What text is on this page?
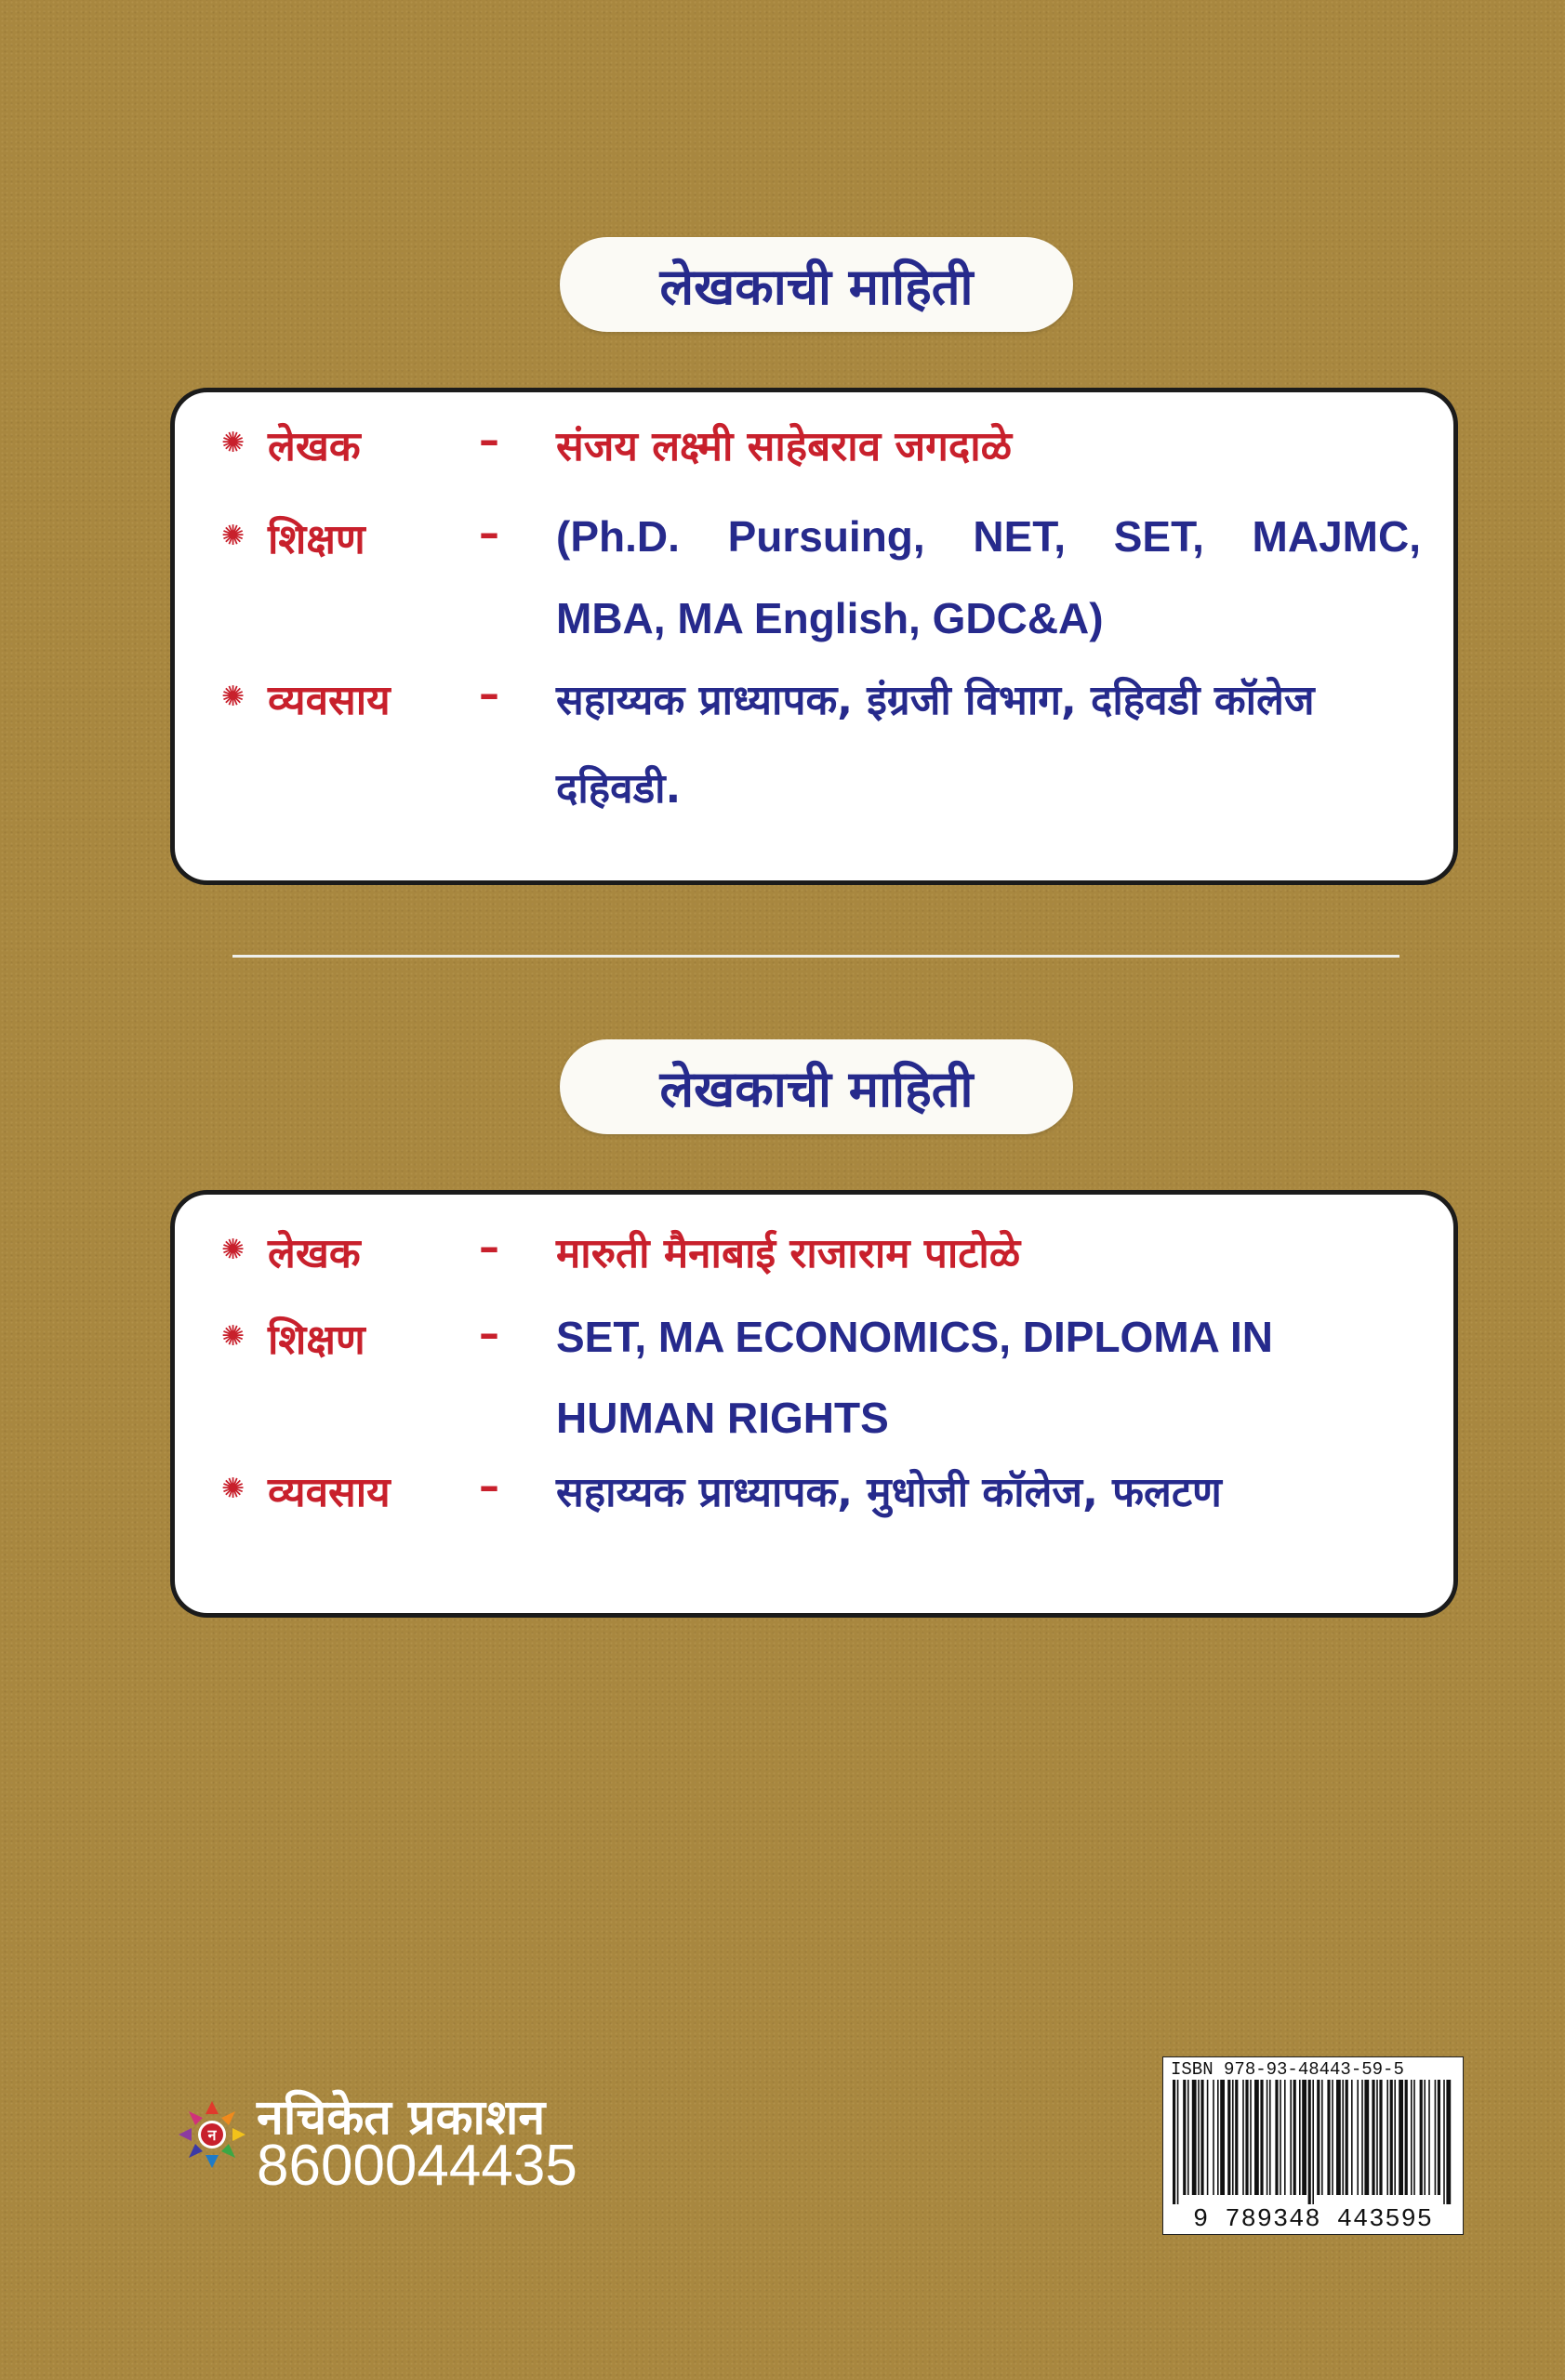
लेखकाची माहिती
✺ लेखक	– संजय लक्ष्मी साहेबराव जगदाळे
✺ शिक्षण	– (Ph.D. Pursuing, NET, SET, MAJMC,
MBA, MA English, GDC&A)
✺ व्यवसाय – सहाय्यक प्राध्यापक, इंग्रजी विभाग, दहिवडी कॉलेज
दहिवडी.
लेखकाची माहिती
✺ लेखक	– मारुती मैनाबाई राजाराम पाटोळे
✺ शिक्षण	– SET, MA ECONOMICS, DIPLOMA IN
HUMAN RIGHTS
✺ व्यवसाय – सहाय्यक प्राध्यापक, मुधोजी कॉलेज, फलटण
न नचिकेत प्रकाशन
8600044435
ISBN 978-93-48443-59-5
9 789348 443595
